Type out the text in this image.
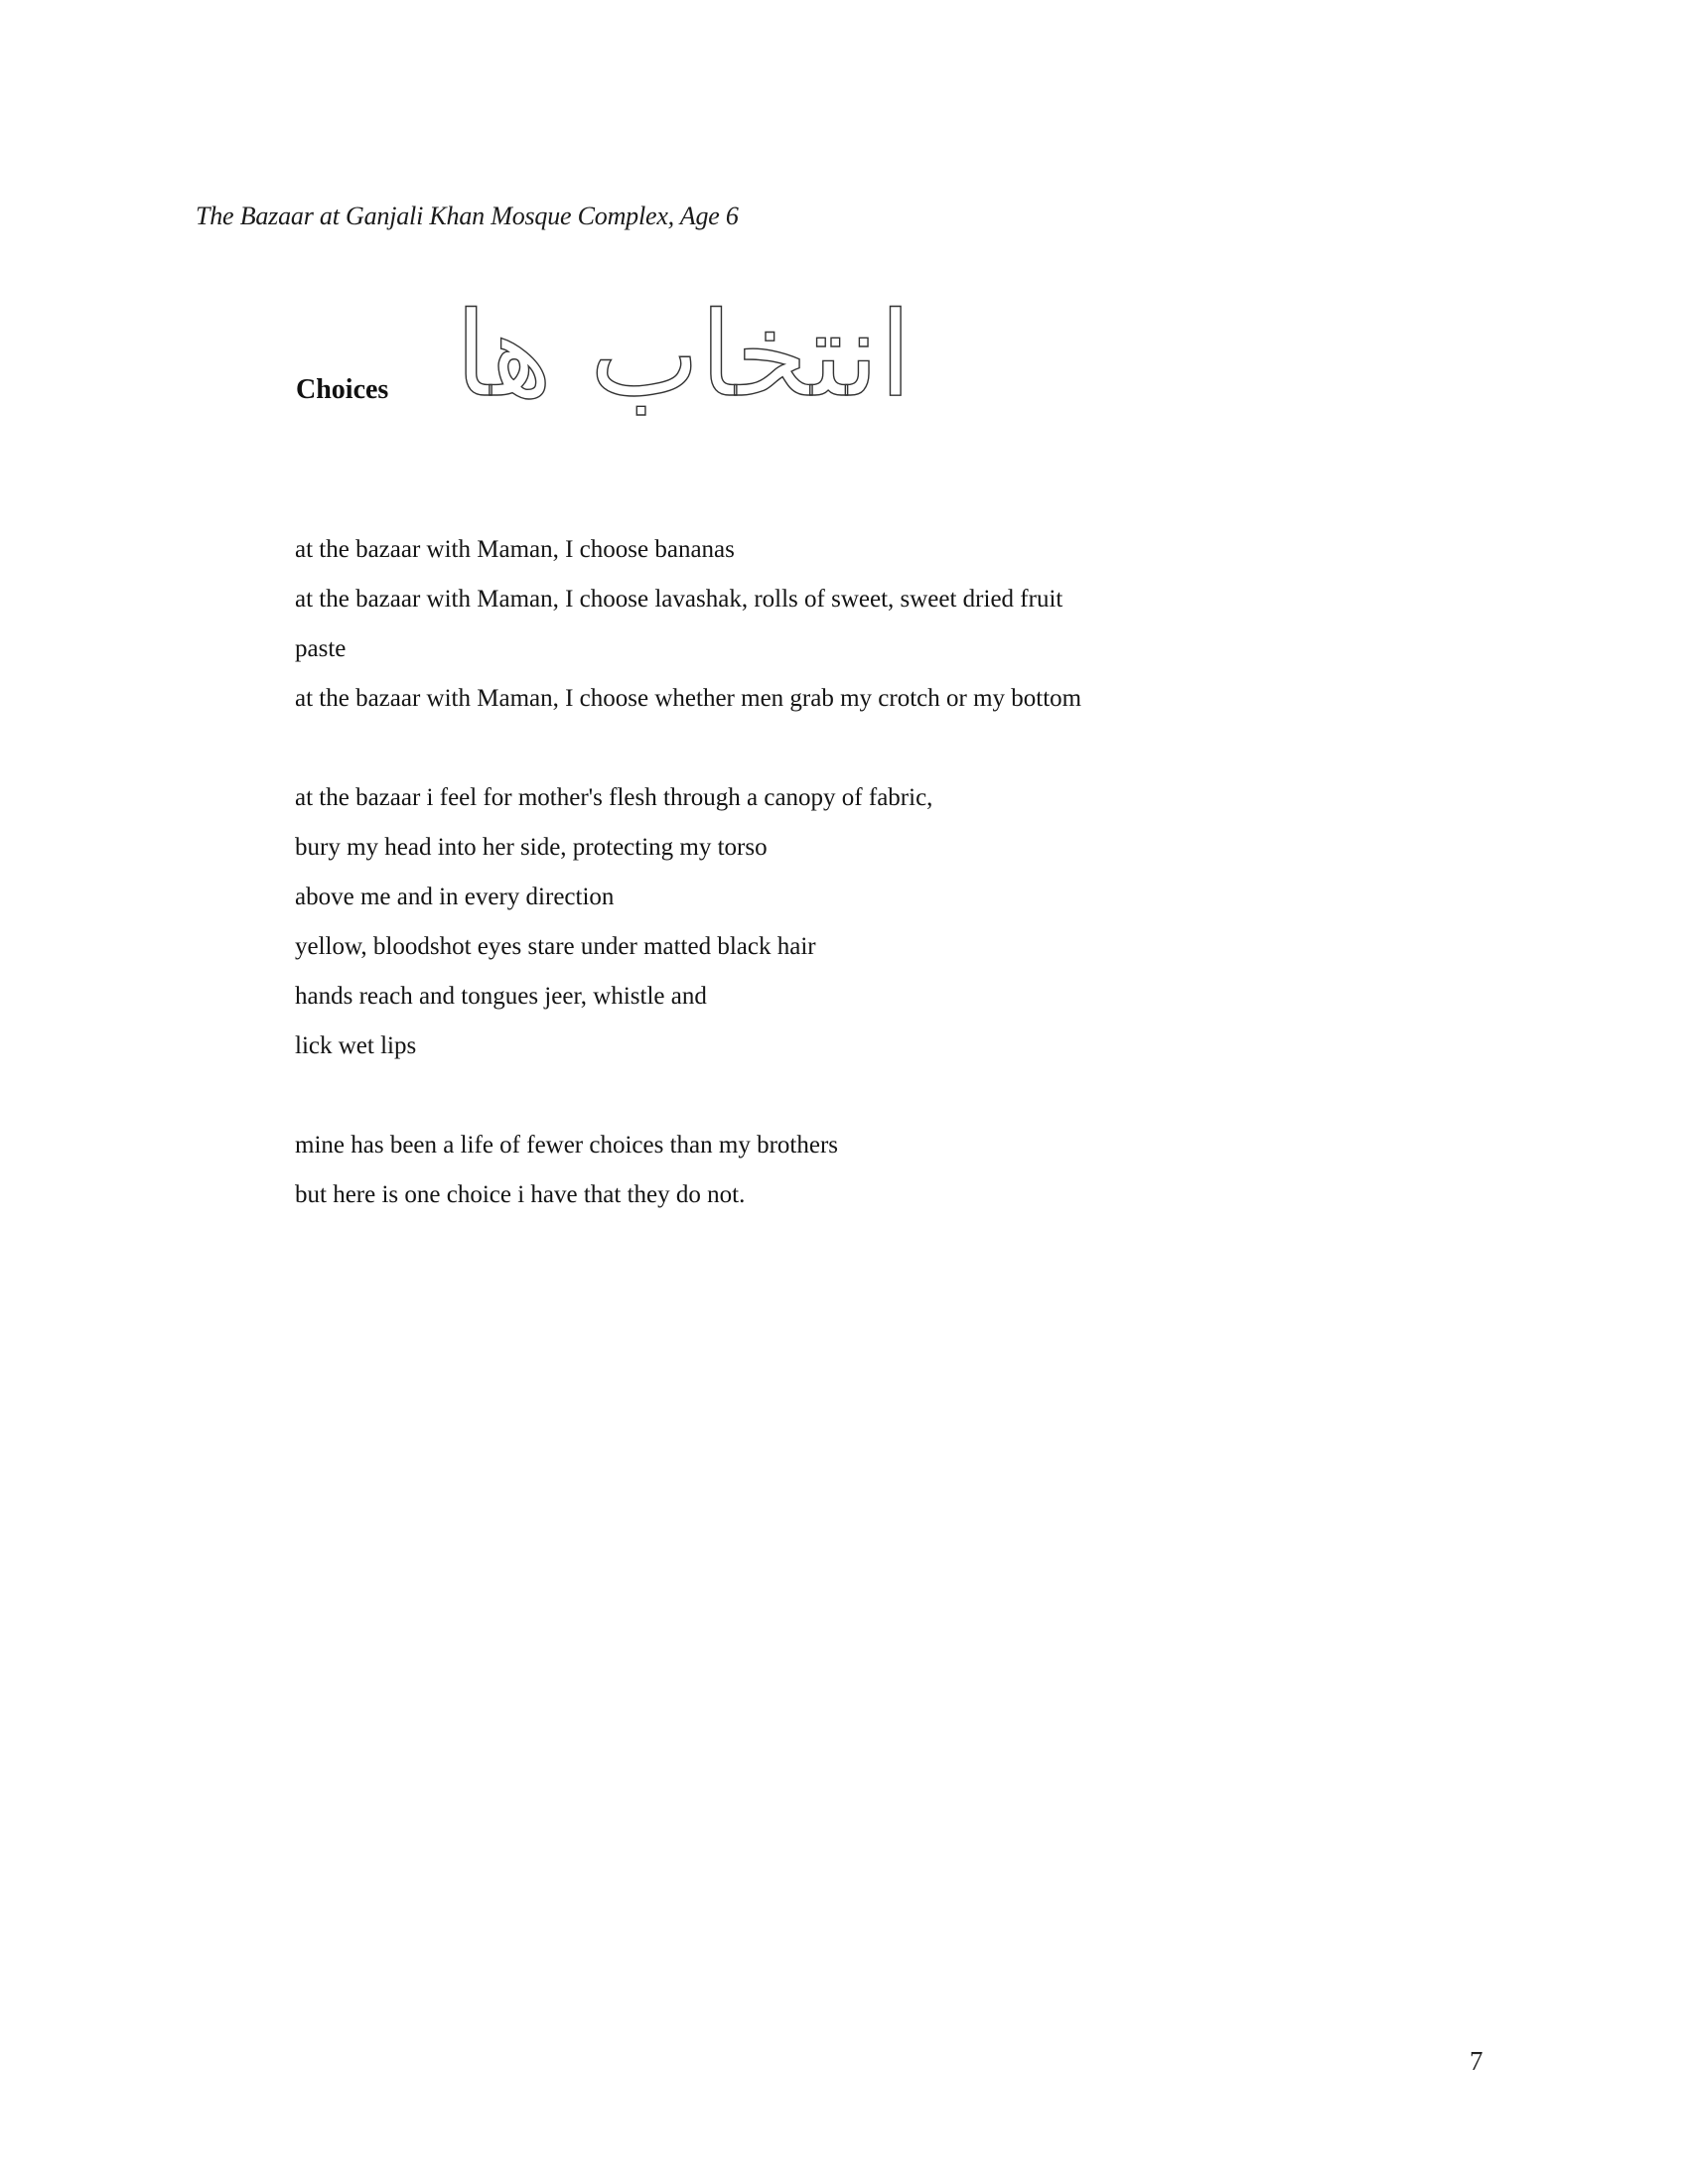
The Bazaar at Ganjali Khan Mosque Complex, Age 6
Choices انتخاب ها
at the bazaar with Maman, I choose bananas
at the bazaar with Maman, I choose lavashak, rolls of sweet, sweet dried fruit
paste
at the bazaar with Maman, I choose whether men grab my crotch or my bottom
at the bazaar i feel for mother's flesh through a canopy of fabric,
bury my head into her side, protecting my torso
above me and in every direction
yellow, bloodshot eyes stare under matted black hair
hands reach and tongues jeer, whistle and
lick wet lips
mine has been a life of fewer choices than my brothers
but here is one choice i have that they do not.
7
